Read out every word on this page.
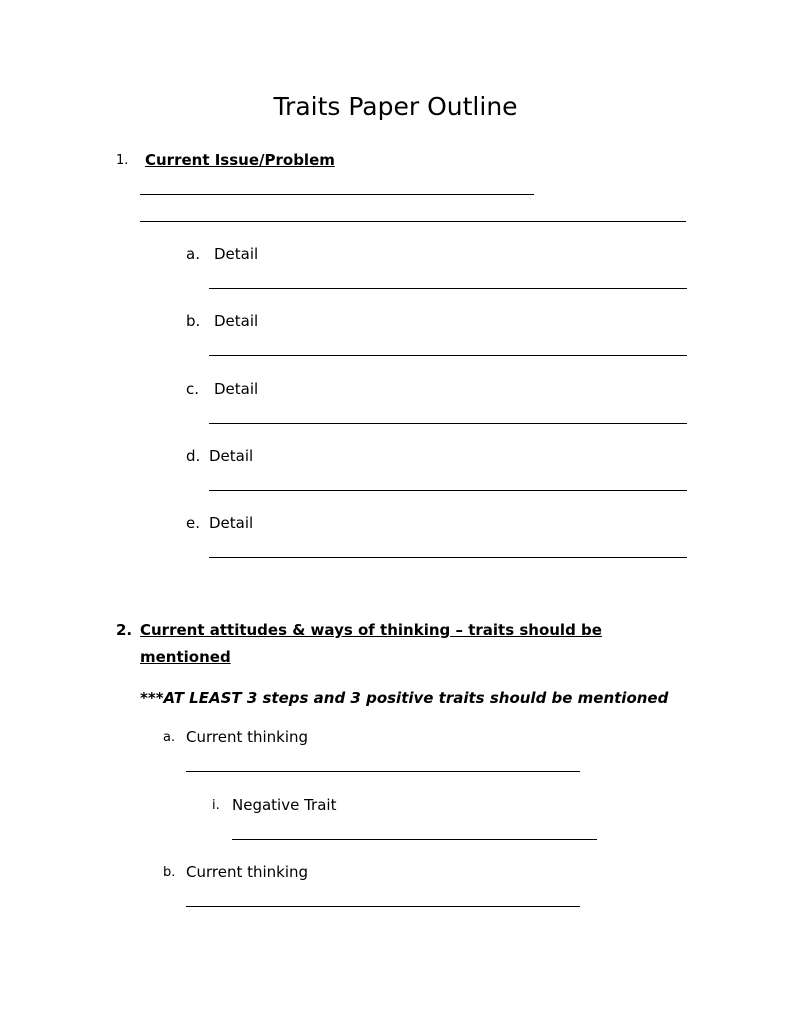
Traits Paper Outline
1. Current Issue/Problem
a. Detail
b. Detail
c. Detail
d. Detail
e. Detail
2. Current attitudes & ways of thinking – traits should be
mentioned
***AT LEAST 3 steps and 3 positive traits should be mentioned
a. Current thinking
i. Negative Trait
b. Current thinking
